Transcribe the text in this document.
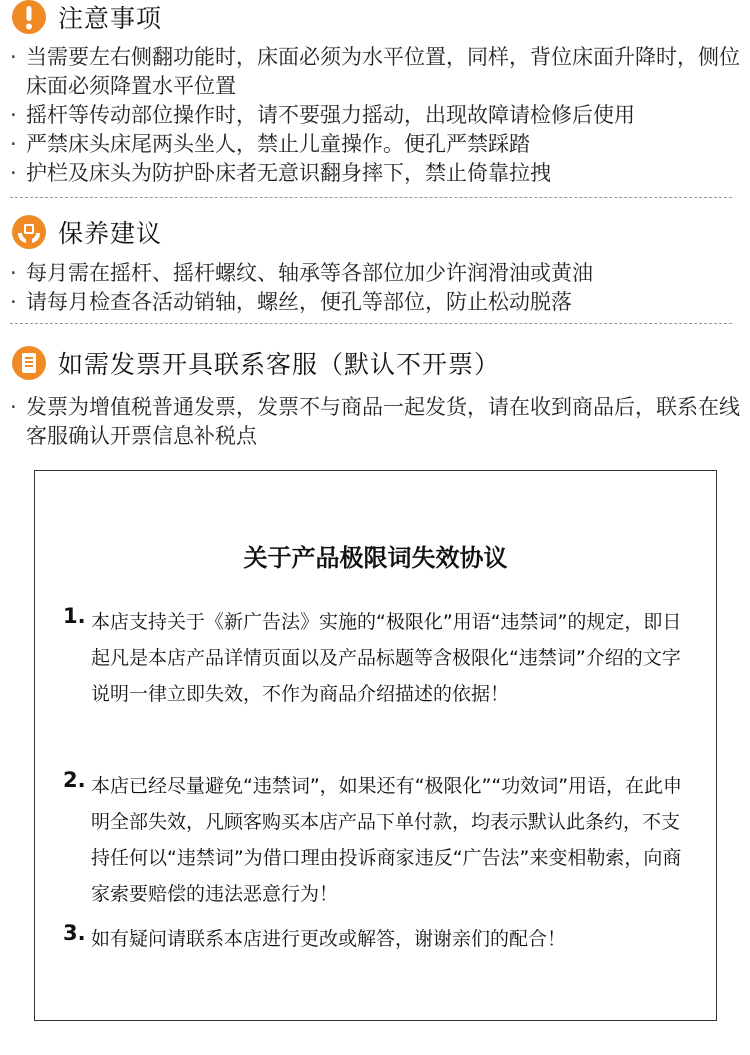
注意事项
· 当需要左右侧翻功能时，床面必须为水平位置，同样，背位床面升降时，侧位床面必须降置水平位置
· 摇杆等传动部位操作时，请不要强力摇动，出现故障请检修后使用
· 严禁床头床尾两头坐人，禁止儿童操作。便孔严禁踩踏
· 护栏及床头为防护卧床者无意识翻身摔下，禁止倚靠拉拽
保养建议
· 每月需在摇杆、摇杆螺纹、轴承等各部位加少许润滑油或黄油
· 请每月检查各活动销轴，螺丝，便孔等部位，防止松动脱落
如需发票开具联系客服（默认不开票）
· 发票为增值税普通发票，发票不与商品一起发货，请在收到商品后，联系在线客服确认开票信息补税点
关于产品极限词失效协议
1. 本店支持关于《新广告法》实施的“极限化”用语“违禁词”的规定，即日起凡是本店产品详情页面以及产品标题等含极限化“违禁词”介绍的文字说明一律立即失效，不作为商品介绍描述的依据！
2. 本店已经尽量避免“违禁词”，如果还有“极限化”“功效词”用语，在此申明全部失效，凡顾客购买本店产品下单付款，均表示默认此条约，不支持任何以“违禁词”为借口理由投诉商家违反“广告法”来变相勒索，向商家索要赔偿的违法恶意行为！
3. 如有疑问请联系本店进行更改或解答，谢谢亲们的配合！
